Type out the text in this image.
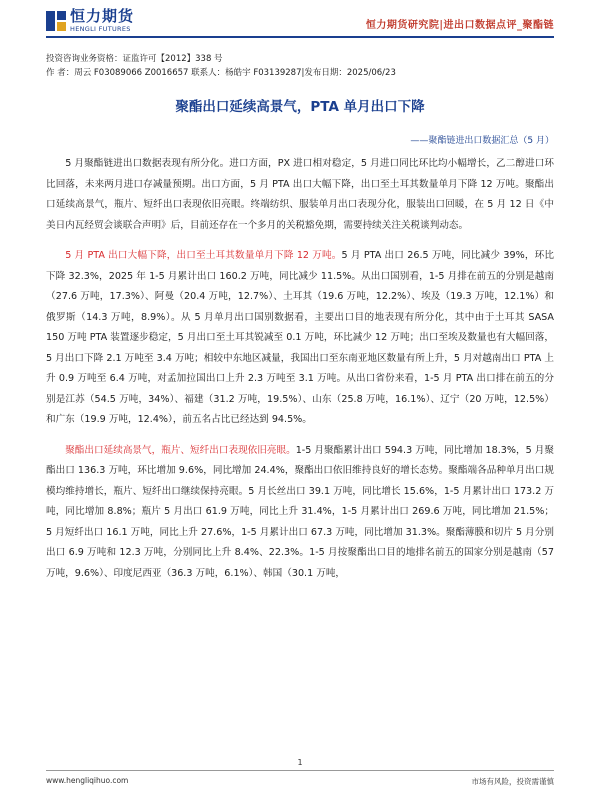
恒力期货
HENGLI FUTURES	恒力期货研究院|进出口数据点评_聚酯链
投资咨询业务资格：证监许可【2012】338 号
作 者：周云 F03089066 Z0016657 联系人：杨皓宇 F03139287|发布日期：2025/06/23
聚酯出口延续高景气，PTA 单月出口下降
——聚酯链进出口数据汇总（5 月）

5 月聚酯链进出口数据表现有所分化。进口方面，PX 进口相对稳定，5 月进口同比环比均小幅增长，乙二醇进口环比回落，未来两月进口存减量预期。出口方面，5 月 PTA 出口大幅下降，出口至土耳其数量单月下降 12 万吨。聚酯出口延续高景气，瓶片、短纤出口表现依旧亮眼。终端纺织、服装单月出口表现分化，服装出口回暖，在 5 月 12 日《中美日内瓦经贸会谈联合声明》后，目前还存在一个多月的关税豁免期，需要持续关注关税谈判动态。

5 月 PTA 出口大幅下降，出口至土耳其数量单月下降 12 万吨。5 月 PTA 出口 26.5 万吨，同比减少 39%，环比下降 32.3%，2025 年 1-5 月累计出口 160.2 万吨，同比减少 11.5%。从出口国别看，1-5 月排在前五的分别是越南（27.6 万吨，17.3%）、阿曼（20.4 万吨，12.7%）、土耳其（19.6 万吨，12.2%）、埃及（19.3 万吨，12.1%）和俄罗斯（14.3 万吨，8.9%）。从 5 月单月出口国别数据看，主要出口目的地表现有所分化，其中由于土耳其 SASA 150 万吨 PTA 装置逐步稳定，5 月出口至土耳其锐减至 0.1 万吨，环比减少 12 万吨；出口至埃及数量也有大幅回落，5 月出口下降 2.1 万吨至 3.4 万吨；相较中东地区减量，我国出口至东南亚地区数量有所上升，5 月对越南出口 PTA 上升 0.9 万吨至 6.4 万吨，对孟加拉国出口上升 2.3 万吨至 3.1 万吨。从出口省份来看，1-5 月 PTA 出口排在前五的分别是江苏（54.5 万吨，34%）、福建（31.2 万吨，19.5%）、山东（25.8 万吨，16.1%）、辽宁（20 万吨，12.5%）和广东（19.9 万吨，12.4%），前五名占比已经达到 94.5%。

聚酯出口延续高景气，瓶片、短纤出口表现依旧亮眼。1-5 月聚酯累计出口 594.3 万吨，同比增加 18.3%，5 月聚酯出口 136.3 万吨，环比增加 9.6%，同比增加 24.4%，聚酯出口依旧维持良好的增长态势。聚酯端各品种单月出口规模均维持增长，瓶片、短纤出口继续保持亮眼。5 月长丝出口 39.1 万吨，同比增长 15.6%，1-5 月累计出口 173.2 万吨，同比增加 8.8%；瓶片 5 月出口 61.9 万吨，同比上升 31.4%，1-5 月累计出口 269.6 万吨，同比增加 21.5%；5 月短纤出口 16.1 万吨，同比上升 27.6%，1-5 月累计出口 67.3 万吨，同比增加 31.3%。聚酯薄膜和切片 5 月分别出口 6.9 万吨和 12.3 万吨，分别同比上升 8.4%、22.3%。1-5 月按聚酯出口目的地排名前五的国家分别是越南（57 万吨，9.6%）、印度尼西亚（36.3 万吨，6.1%）、韩国（30.1 万吨，

1
www.hengliqihuo.com	市场有风险，投资需谨慎
